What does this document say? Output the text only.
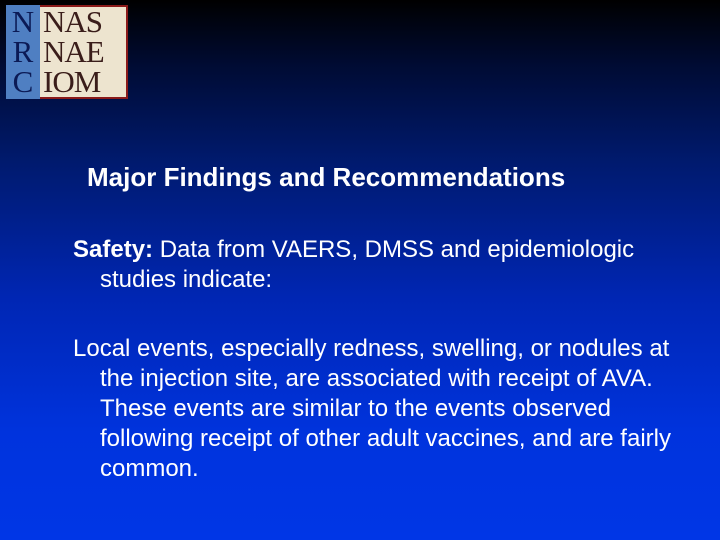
N
R
C
NAS
NAE
IOM
Major Findings and Recommendations
Safety: Data from VAERS, DMSS and epidemiologic studies indicate:
Local events, especially redness, swelling, or nodules at the injection site, are associated with receipt of AVA. These events are similar to the events observed following receipt of other adult vaccines, and are fairly common.
